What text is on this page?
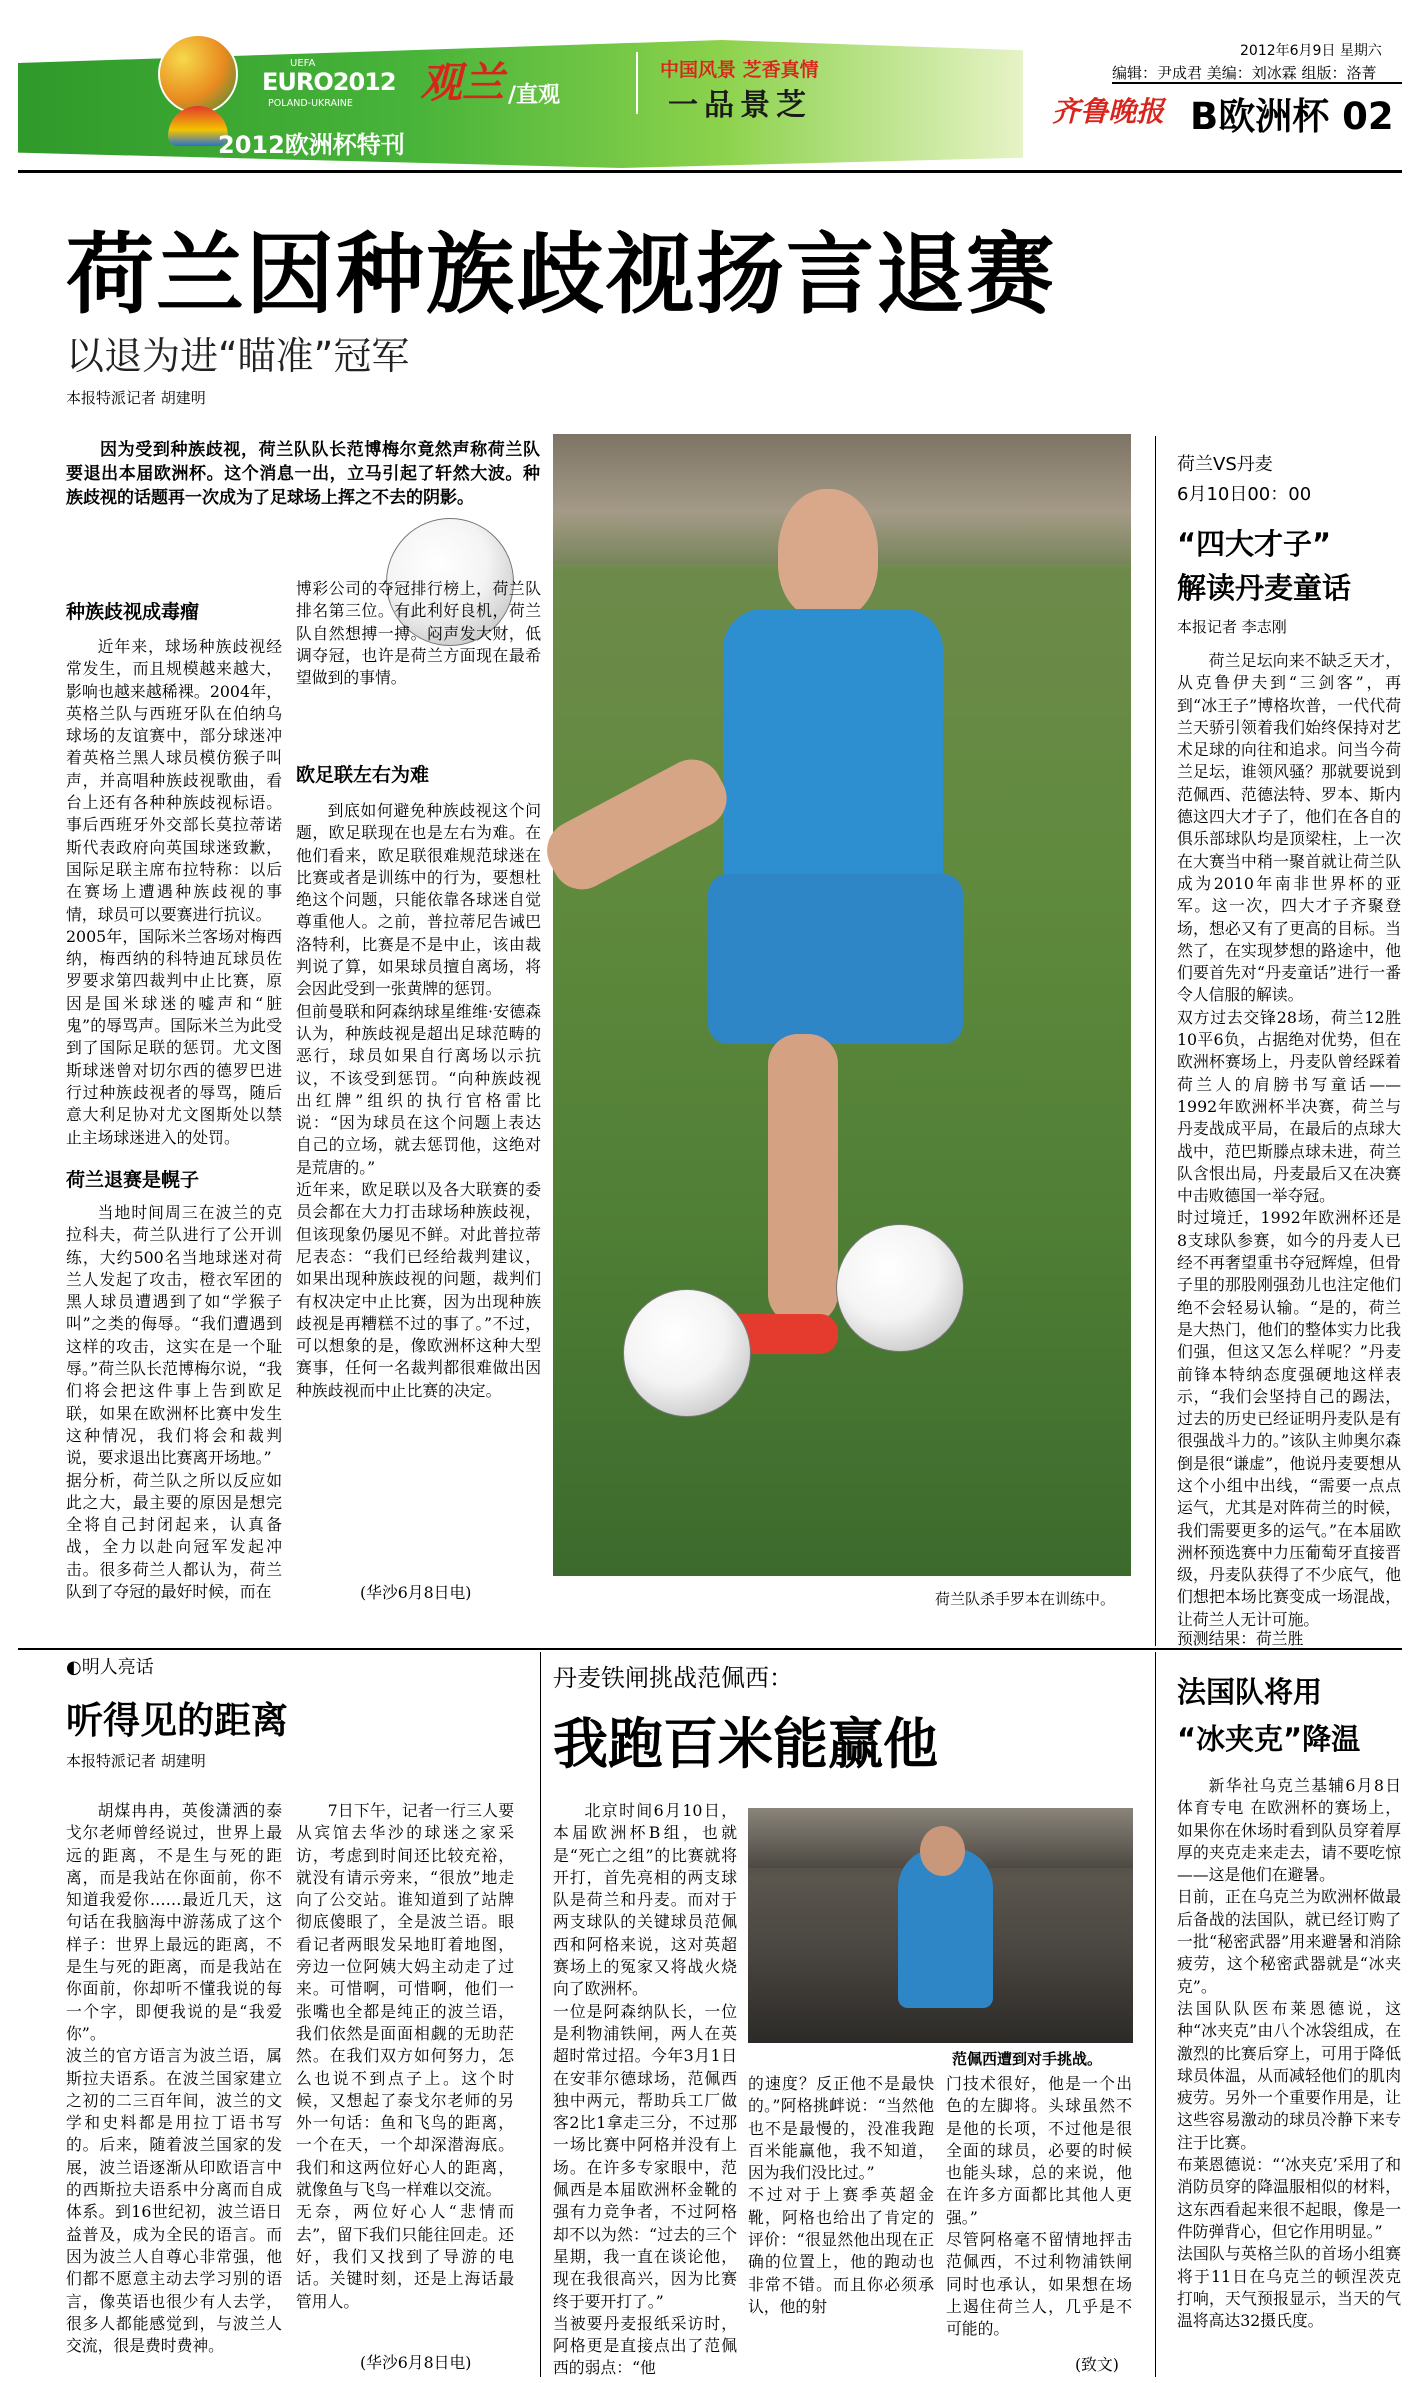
UEFA
EURO2012
POLAND-UKRAINE 观兰 /直观
2012欧洲杯特刊
中国风景 芝香真情
一品景芝
2012年6月9日 星期六
编辑：尹成君 美编：刘冰霖 组版：洛菁
齐鲁晚报 B欧洲杯 02
荷兰因种族歧视扬言退赛
以退为进“瞄准”冠军
本报特派记者 胡建明
因为受到种族歧视，荷兰队队长范博梅尔竟然声称荷兰队要退出本届欧洲杯。这个消息一出，立马引起了轩然大波。种族歧视的话题再一次成为了足球场上挥之不去的阴影。
种族歧视成毒瘤
近年来，球场种族歧视经常发生，而且规模越来越大，影响也越来越稀裸。2004年，英格兰队与西班牙队在伯纳乌球场的友谊赛中，部分球迷冲着英格兰黑人球员模仿猴子叫声，并高唱种族歧视歌曲，看台上还有各种种族歧视标语。事后西班牙外交部长莫拉蒂诺斯代表政府向英国球迷致歉，国际足联主席布拉特称：以后在赛场上遭遇种族歧视的事情，球员可以要赛进行抗议。
2005年，国际米兰客场对梅西纳，梅西纳的科特迪瓦球员佐罗要求第四裁判中止比赛，原因是国米球迷的嘘声和“脏鬼”的辱骂声。国际米兰为此受到了国际足联的惩罚。尤文图斯球迷曾对切尔西的德罗巴进行过种族歧视者的辱骂，随后意大利足协对尤文图斯处以禁止主场球迷进入的处罚。
荷兰退赛是幌子
当地时间周三在波兰的克拉科夫，荷兰队进行了公开训练，大约500名当地球迷对荷兰人发起了攻击，橙衣军团的黑人球员遭遇到了如“学猴子叫”之类的侮辱。“我们遭遇到这样的攻击，这实在是一个耻辱。”荷兰队长范博梅尔说，“我们将会把这件事上告到欧足联，如果在欧洲杯比赛中发生这种情况，我们将会和裁判说，要求退出比赛离开场地。”
据分析，荷兰队之所以反应如此之大，最主要的原因是想完全将自己封闭起来，认真备战，全力以赴向冠军发起冲击。很多荷兰人都认为，荷兰队到了夺冠的最好时候，而在
博彩公司的夺冠排行榜上，荷兰队排名第三位。有此利好良机，荷兰队自然想搏一搏。闷声发大财，低调夺冠，也许是荷兰方面现在最希望做到的事情。
欧足联左右为难
到底如何避免种族歧视这个问题，欧足联现在也是左右为难。在他们看来，欧足联很难规范球迷在比赛或者是训练中的行为，要想杜绝这个问题，只能依靠各球迷自觉尊重他人。之前，普拉蒂尼告诫巴洛特利，比赛是不是中止，该由裁判说了算，如果球员擅自离场，将会因此受到一张黄牌的惩罚。
但前曼联和阿森纳球星维维·安德森认为，种族歧视是超出足球范畴的恶行，球员如果自行离场以示抗议，不该受到惩罚。“向种族歧视出红牌”组织的执行官格雷比说：“因为球员在这个问题上表达自己的立场，就去惩罚他，这绝对是荒唐的。”
近年来，欧足联以及各大联赛的委员会都在大力打击球场种族歧视，但该现象仍屡见不鲜。对此普拉蒂尼表态：“我们已经给裁判建议，如果出现种族歧视的问题，裁判们有权决定中止比赛，因为出现种族歧视是再糟糕不过的事了。”不过，可以想象的是，像欧洲杯这种大型赛事，任何一名裁判都很难做出因种族歧视而中止比赛的决定。
(华沙6月8日电)	荷兰队杀手罗本在训练中。
荷兰VS丹麦
6月10日00：00
“四大才子”
解读丹麦童话
本报记者 李志刚
荷兰足坛向来不缺乏天才，从克鲁伊夫到“三剑客”，再到“冰王子”博格坎普，一代代荷兰天骄引领着我们始终保持对艺术足球的向往和追求。问当今荷兰足坛，谁领风骚？那就要说到范佩西、范德法特、罗本、斯内德这四大才子了，他们在各自的俱乐部球队均是顶梁柱，上一次在大赛当中稍一聚首就让荷兰队成为2010年南非世界杯的亚军。这一次，四大才子齐聚登场，想必又有了更高的目标。当然了，在实现梦想的路途中，他们要首先对“丹麦童话”进行一番令人信服的解读。
双方过去交锋28场，荷兰12胜10平6负，占据绝对优势，但在欧洲杯赛场上，丹麦队曾经踩着荷兰人的肩膀书写童话——1992年欧洲杯半决赛，荷兰与丹麦战成平局，在最后的点球大战中，范巴斯滕点球未进，荷兰队含恨出局，丹麦最后又在决赛中击败德国一举夺冠。
时过境迁，1992年欧洲杯还是8支球队参赛，如今的丹麦人已经不再奢望重书夺冠辉煌，但骨子里的那股刚强劲儿也注定他们绝不会轻易认输。“是的，荷兰是大热门，他们的整体实力比我们强，但这又怎么样呢？”丹麦前锋本特纳态度强硬地这样表示，“我们会坚持自己的踢法，过去的历史已经证明丹麦队是有很强战斗力的。”该队主帅奥尔森倒是很“谦虚”，他说丹麦要想从这个小组中出线，“需要一点点运气，尤其是对阵荷兰的时候，我们需要更多的运气。”在本届欧洲杯预选赛中力压葡萄牙直接晋级，丹麦队获得了不少底气，他们想把本场比赛变成一场混战，让荷兰人无计可施。
预测结果：荷兰胜
◐明人亮话
听得见的距离
本报特派记者 胡建明
胡煤冉冉，英俊潇洒的泰戈尔老师曾经说过，世界上最远的距离，不是生与死的距离，而是我站在你面前，你不知道我爱你……最近几天，这句话在我脑海中游荡成了这个样子：世界上最远的距离，不是生与死的距离，而是我站在你面前，你却听不懂我说的每一个字，即便我说的是“我爱你”。
波兰的官方语言为波兰语，属斯拉夫语系。在波兰国家建立之初的二三百年间，波兰的文学和史料都是用拉丁语书写的。后来，随着波兰国家的发展，波兰语逐渐从印欧语言中的西斯拉夫语系中分离而自成体系。到16世纪初，波兰语日益普及，成为全民的语言。而因为波兰人自尊心非常强，他们都不愿意主动去学习别的语言，像英语也很少有人去学，很多人都能感觉到，与波兰人交流，很是费时费神。
7日下午，记者一行三人要从宾馆去华沙的球迷之家采访，考虑到时间还比较充裕，就没有请示旁来，“很放”地走向了公交站。谁知道到了站牌彻底傻眼了，全是波兰语。眼看记者两眼发呆地盯着地图，旁边一位阿姨大妈主动走了过来。可惜啊，可惜啊，他们一张嘴也全都是纯正的波兰语，我们依然是面面相觑的无助茫然。在我们双方如何努力，怎么也说不到点子上。这个时候，又想起了泰戈尔老师的另外一句话：鱼和飞鸟的距离，一个在天，一个却深潜海底。我们和这两位好心人的距离，就像鱼与飞鸟一样难以交流。
无奈，两位好心人“悲情而去”，留下我们只能往回走。还好，我们又找到了导游的电话。关键时刻，还是上海话最管用人。
(华沙6月8日电)
丹麦铁闸挑战范佩西：
我跑百米能赢他
北京时间6月10日，本届欧洲杯B组，也就是“死亡之组”的比赛就将开打，首先亮相的两支球队是荷兰和丹麦。而对于两支球队的关键球员范佩西和阿格来说，这对英超赛场上的冤家又将战火烧向了欧洲杯。
一位是阿森纳队长，一位是利物浦铁闸，两人在英超时常过招。今年3月1日在安菲尔德球场，范佩西独中两元，帮助兵工厂做客2比1拿走三分，不过那一场比赛中阿格并没有上场。在许多专家眼中，范佩西是本届欧洲杯金靴的强有力竞争者，不过阿格却不以为然：“过去的三个星期，我一直在谈论他，现在我很高兴，因为比赛终于要开打了。”
当被要丹麦报纸采访时，阿格更是直接点出了范佩西的弱点：“他
范佩西遭到对手挑战。
的速度？反正他不是最快的。”阿格挑衅说：“当然他也不是最慢的，没准我跑百米能赢他，我不知道，因为我们没比过。”
不过对于上赛季英超金靴，阿格也给出了肯定的评价：“很显然他出现在正确的位置上，他的跑动也非常不错。而且你必须承认，他的射
门技术很好，他是一个出色的左脚将。头球虽然不是他的长项，不过他是很全面的球员，必要的时候也能头球，总的来说，他在许多方面都比其他人更强。”
尽管阿格毫不留情地抨击范佩西，不过利物浦铁闸同时也承认，如果想在场上遏住荷兰人，几乎是不可能的。
(致文)
法国队将用
“冰夹克”降温
新华社乌克兰基辅6月8日体育专电 在欧洲杯的赛场上，如果你在休场时看到队员穿着厚厚的夹克走来走去，请不要吃惊——这是他们在避暑。
日前，正在乌克兰为欧洲杯做最后备战的法国队，就已经订购了一批“秘密武器”用来避暑和消除疲劳，这个秘密武器就是“冰夹克”。
法国队队医布莱恩德说，这种“冰夹克”由八个冰袋组成，在激烈的比赛后穿上，可用于降低球员体温，从而减轻他们的肌肉疲劳。另外一个重要作用是，让这些容易激动的球员冷静下来专注于比赛。
布莱恩德说：“‘冰夹克’采用了和消防员穿的降温服相似的材料，这东西看起来很不起眼，像是一件防弹背心，但它作用明显。”
法国队与英格兰队的首场小组赛将于11日在乌克兰的顿涅茨克打响，天气预报显示，当天的气温将高达32摄氏度。
